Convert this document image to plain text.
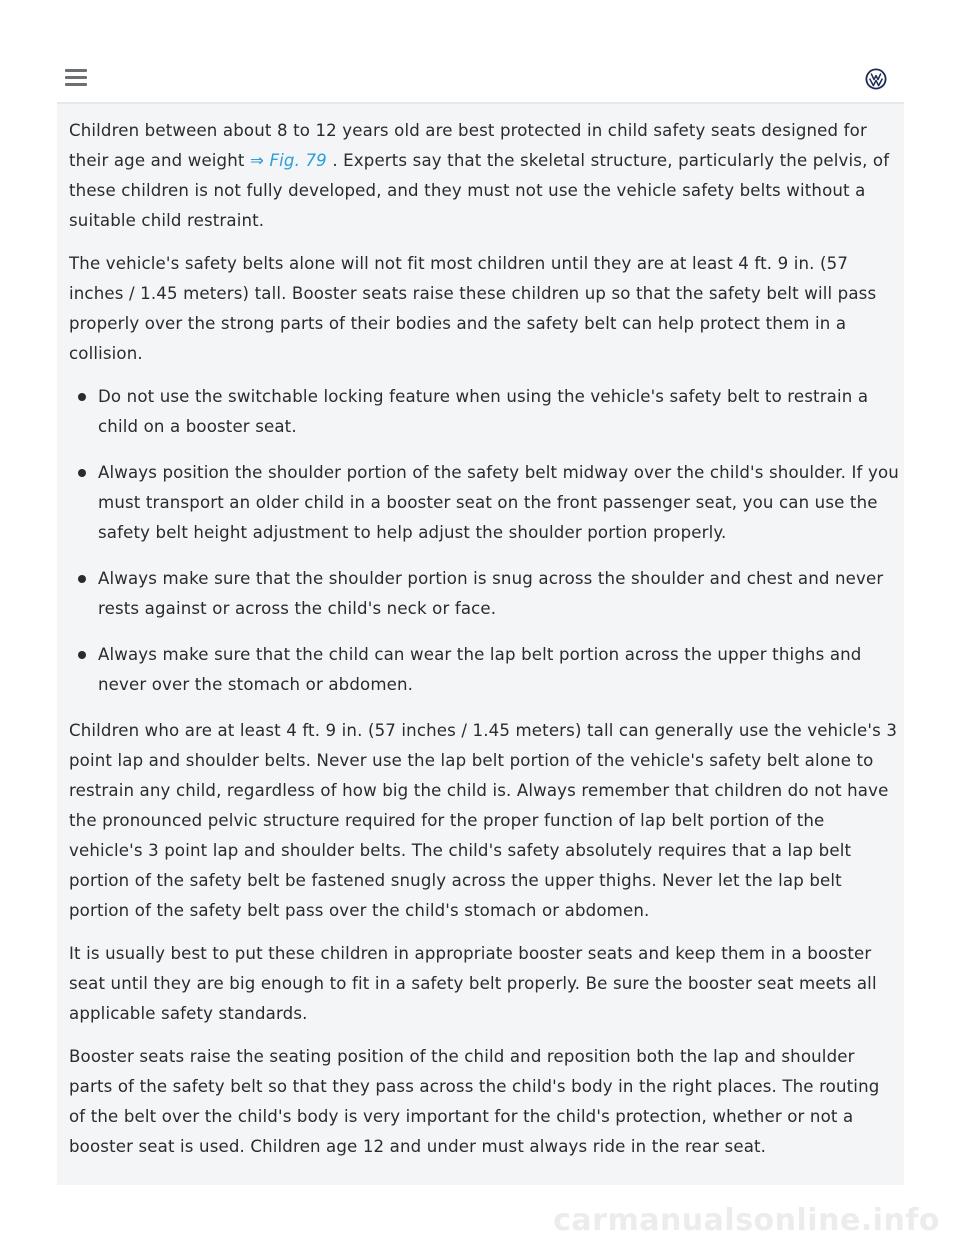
Children between about 8 to 12 years old are best protected in child safety seats designed for their age and weight ⇒ Fig. 79 . Experts say that the skeletal structure, particularly the pelvis, of these children is not fully developed, and they must not use the vehicle safety belts without a suitable child restraint.

The vehicle's safety belts alone will not fit most children until they are at least 4 ft. 9 in. (57 inches / 1.45 meters) tall. Booster seats raise these children up so that the safety belt will pass properly over the strong parts of their bodies and the safety belt can help protect them in a collision.

Do not use the switchable locking feature when using the vehicle's safety belt to restrain a child on a booster seat.
Always position the shoulder portion of the safety belt midway over the child's shoulder. If you must transport an older child in a booster seat on the front passenger seat, you can use the safety belt height adjustment to help adjust the shoulder portion properly.
Always make sure that the shoulder portion is snug across the shoulder and chest and never rests against or across the child's neck or face.
Always make sure that the child can wear the lap belt portion across the upper thighs and never over the stomach or abdomen.

Children who are at least 4 ft. 9 in. (57 inches / 1.45 meters) tall can generally use the vehicle's 3 point lap and shoulder belts. Never use the lap belt portion of the vehicle's safety belt alone to restrain any child, regardless of how big the child is. Always remember that children do not have the pronounced pelvic structure required for the proper function of lap belt portion of the vehicle's 3 point lap and shoulder belts. The child's safety absolutely requires that a lap belt portion of the safety belt be fastened snugly across the upper thighs. Never let the lap belt portion of the safety belt pass over the child's stomach or abdomen.

It is usually best to put these children in appropriate booster seats and keep them in a booster seat until they are big enough to fit in a safety belt properly. Be sure the booster seat meets all applicable safety standards.

Booster seats raise the seating position of the child and reposition both the lap and shoulder parts of the safety belt so that they pass across the child's body in the right places. The routing of the belt over the child's body is very important for the child's protection, whether or not a booster seat is used. Children age 12 and under must always ride in the rear seat.

carmanualsonline.info
